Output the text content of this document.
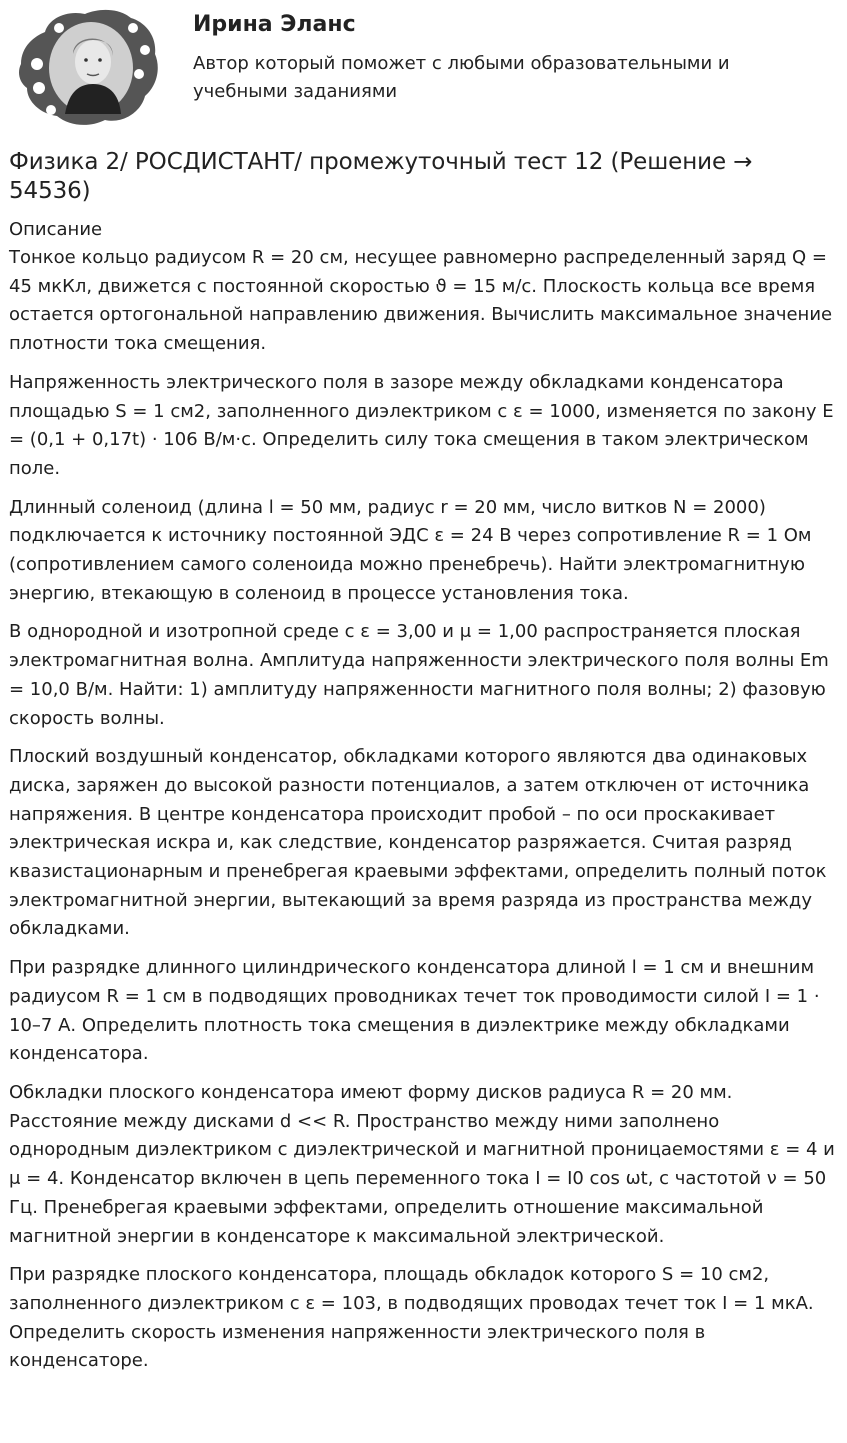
Ирина Эланс
Автор который поможет с любыми образовательными и учебными заданиями
Физика 2/ РОСДИСТАНТ/ промежуточный тест 12 (Решение → 54536)
Описание

Тонкое кольцо радиусом R = 20 см, несущее равномерно распределенный заряд Q = 45 мкКл, движется с постоянной скоростью ϑ = 15 м/с. Плоскость кольца все время остается ортогональной направлению движения. Вычислить максимальное значение плотности тока смещения.

Напряженность электрического поля в зазоре между обкладками конденсатора площадью S = 1 см2, заполненного диэлектриком с ε = 1000, изменяется по закону E = (0,1 + 0,17t) · 106 В/м·с. Определить силу тока смещения в таком электрическом поле.

Длинный соленоид (длина l = 50 мм, радиус r = 20 мм, число витков N = 2000) подключается к источнику постоянной ЭДС ε = 24 В через сопротивление R = 1 Ом (сопротивлением самого соленоида можно пренебречь). Найти электромагнитную энергию, втекающую в соленоид в процессе установления тока.

В однородной и изотропной среде с ε = 3,00 и μ = 1,00 распространяется плоская электромагнитная волна. Амплитуда напряженности электрического поля волны Em = 10,0 В/м. Найти: 1) амплитуду напряженности магнитного поля волны; 2) фазовую скорость волны.

Плоский воздушный конденсатор, обкладками которого являются два одинаковых диска, заряжен до высокой разности потенциалов, а затем отключен от источника напряжения. В центре конденсатора происходит пробой – по оси проскакивает электрическая искра и, как следствие, конденсатор разряжается. Считая разряд квазистационарным и пренебрегая краевыми эффектами, определить полный поток электромагнитной энергии, вытекающий за время разряда из пространства между обкладками.

При разрядке длинного цилиндрического конденсатора длиной l = 1 см и внешним радиусом R = 1 см в подводящих проводниках течет ток проводимости силой I = 1 · 10–7 А. Определить плотность тока смещения в диэлектрике между обкладками конденсатора.

Обкладки плоского конденсатора имеют форму дисков радиуса R = 20 мм. Расстояние между дисками d << R. Пространство между ними заполнено однородным диэлектриком с диэлектрической и магнитной проницаемостями ε = 4 и μ = 4. Конденсатор включен в цепь переменного тока I = I0 cos ωt, с частотой ν = 50 Гц. Пренебрегая краевыми эффектами, определить отношение максимальной магнитной энергии в конденсаторе к максимальной электрической.

При разрядке плоского конденсатора, площадь обкладок которого S = 10 см2, заполненного диэлектриком с ε = 103, в подводящих проводах течет ток I = 1 мкА. Определить скорость изменения напряженности электрического поля в конденсаторе.
